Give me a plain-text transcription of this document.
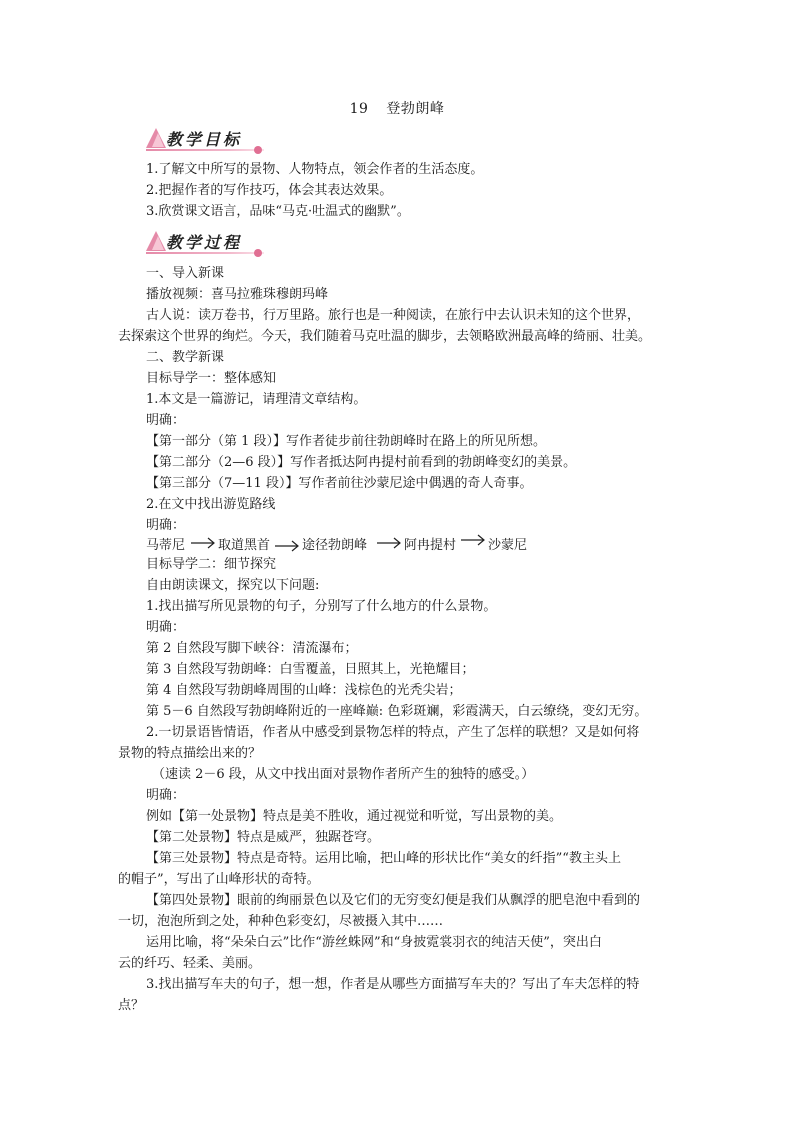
19 登勃朗峰
教学目标
1.了解文中所写的景物、人物特点，领会作者的生活态度。
2.把握作者的写作技巧，体会其表达效果。
3.欣赏课文语言，品味“马克·吐温式的幽默”。
教学过程
一、导入新课
播放视频：喜马拉雅珠穆朗玛峰
古人说：读万卷书，行万里路。旅行也是一种阅读，在旅行中去认识未知的这个世界，
去探索这个世界的绚烂。今天，我们随着马克吐温的脚步，去领略欧洲最高峰的绮丽、壮美。
二、教学新课
目标导学一：整体感知
1.本文是一篇游记，请理清文章结构。
明确：
【第一部分（第 1 段）】写作者徒步前往勃朗峰时在路上的所见所想。
【第二部分（2—6 段）】写作者抵达阿冉提村前看到的勃朗峰变幻的美景。
【第三部分（7—11 段）】写作者前往沙蒙尼途中偶遇的奇人奇事。
2.在文中找出游览路线
明确：
目标导学二：细节探究
自由朗读课文，探究以下问题:
1.找出描写所见景物的句子，分别写了什么地方的什么景物。
明确：
第 2 自然段写脚下峡谷：清流瀑布；
第 3 自然段写勃朗峰：白雪覆盖，日照其上，光艳耀目；
第 4 自然段写勃朗峰周围的山峰：浅棕色的光秃尖岩；
第 5－6 自然段写勃朗峰附近的一座峰巅: 色彩斑斓，彩霞满天，白云缭绕，变幻无穷。
2.一切景语皆情语，作者从中感受到景物怎样的特点，产生了怎样的联想？又是如何将
景物的特点描绘出来的？
（速读 2－6 段，从文中找出面对景物作者所产生的独特的感受。）
明确：
例如【第一处景物】特点是美不胜收，通过视觉和听觉，写出景物的美。
【第二处景物】特点是威严，独踞苍穹。
【第三处景物】特点是奇特。运用比喻，把山峰的形状比作“美女的纤指”“教主头上
的帽子”，写出了山峰形状的奇特。
【第四处景物】眼前的绚丽景色以及它们的无穷变幻便是我们从飘浮的肥皂泡中看到的
一切，泡泡所到之处，种种色彩变幻，尽被摄入其中……
运用比喻，将“朵朵白云”比作“游丝蛛网”和“身披霓裳羽衣的纯洁天使”，突出白
云的纤巧、轻柔、美丽。
3.找出描写车夫的句子，想一想，作者是从哪些方面描写车夫的？写出了车夫怎样的特
点？
马蒂尼	取道黑首 途径勃朗峰	阿冉提村 沙蒙尼
